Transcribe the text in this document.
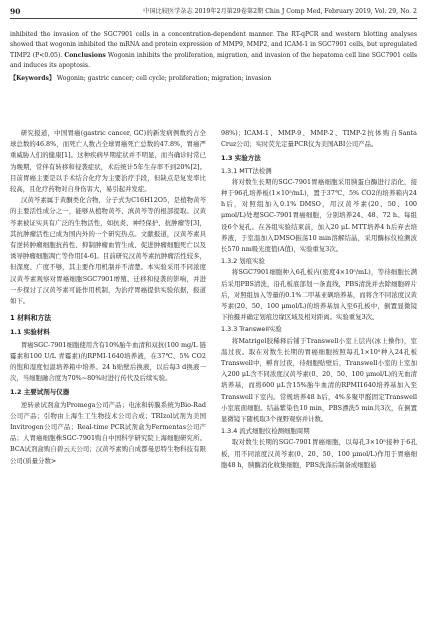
90	中国比较医学杂志 2019年2月第29卷第2期 Chin J Comp Med, February 2019, Vol. 29, No. 2
inhibited the invasion of the SGC7901 cells in a concentration-dependent manner. The RT-qPCR and western blotting analyses showed that wogonin inhibited the mRNA and protein expression of MMP9, MMP2, and ICAM-1 in SGC7901 cells, but upregulated TIMP2 (P<0.05). Conclusions Wogonin inhibits the proliferation, migration, and invasion of the hepatoma cell line SGC7901 cells and induces its apoptosis.
【Keywords】 Wogonin; gastric cancer; cell cycle; proliferation; migration; invasion

研究报道，中国胃癌(gastric cancer, GC)的新发病例数约占全球总数的46.8%，而死亡人数占全球胃癌死亡总数的47.8%，胃癌严重威胁人们的健康[1]。这种疾病早期症状并不明显，而当确诊时常已为晚期，常伴有转移和侵袭症状，术后统计5年生存率不到20%[2]。目前胃癌主要是以手术结合化疗为主要治疗手段，但缺点是复发率比较高，且化疗药物对自身伤害大，易引起并发症。

汉黄芩素属于黄酮类化合物，分子式为C16H12O5，是植物黄芩的主要活性成分之一，能够从植物黄芩、滇黄芩等的根部提取。汉黄芩素被证实具有广泛的生物活性，如抗炎、神经保护、抗肿瘤等[3]，其抗肿瘤活性已成为国内外的一个研究热点。文献报道，汉黄芩素具有逆转肿瘤细胞抗药性、抑制肿瘤血管生成、促进肿瘤细胞死亡以及诱导肿瘤细胞凋亡等作用[4-6]。目前研究汉黄芩素抗肿瘤活性较多，但深度、广度不够，其主要作用机制并不清楚。本实验采用不同浓度汉黄芩素观察对胃癌细胞SGC7901增殖、迁移和侵袭的影响，并进一步探讨了汉黄芩素可能作用机制，为治疗胃癌提供实验依据，报道如下。

1 材料和方法
1.1 实验材料

胃癌SGC-7901细胞使用含有10%胎牛血清和双抗(100 mg/L 链霉素和100 U/L 青霉素)的RPMI-1640培养液，在37℃、5% CO2的饱和湿度恒温培养箱中培养。24 h贴壁后换液，以后每3 d换液一次，当细胞融合度为70%~80%时进行传代及后续实验。

1.2 主要试剂与仪器

逆转录试剂盒为Promega公司产品；电泳和转膜系统为Bio-Rad公司产品；引物由上海生工生物技术公司合成；TRIzol试剂为美国Invitrogen公司产品；Real-time PCR试剂盒为Fermentas公司产品；人胃癌细胞株SGC-7901购自中国科学研究院上海细胞研究所。BCA试剂盒购自碧云天公司；汉黄芩素购自成都曼思特生物科技有限公司(质量分数>

98%)；ICAM-1、MMP-9、MMP-2、TIMP-2抗体购自Santa Cruz公司；实时荧光定量PCR仪为美国ABI公司产品。

1.3 实验方法
1.3.1 MTT法检测

将对数生长期的SGC-7901胃癌细胞采用胰蛋白酶进行消化，接种于96孔培养板(1×10⁵/mL)，置于37℃、5% CO2的培养箱内24 h后，对照组加入0.1% DMSO，用汉黄芩素(20、50、100 μmol/L)处理SGC-7901胃癌细胞，分别培养24、48、72 h。每组设6个复孔。在各组实验结束前，加入20 μL MTT培养4 h后弃去培养液，于室温加入DMSO振荡10 min溶解结晶，采用酶标仪检测波长570 nm吸光度值(A值)，实验重复3次。

1.3.2 划痕实验

将SGC7901细胞种入6孔板内(密度4×10⁵/mL)，等待细胞长满后采用PBS清洗，沿孔板底部划一条直线，PBS清洗并去除细胞碎片后，对照组加入等量的0.1%二甲基亚砜培养基，而将含不同浓度汉黄芩素(20、50、100 μmol/L)的培养基加入至6孔板中，倒置显微镜下拍摄并确定划痕边缘区域及相对距离。实验重复3次。

1.3.3 Transwell实验

将Matrigel胶稀释后铺于Transwell小室上层内(冰上操作)，室温过夜。取在对数生长期的胃癌细胞按照每孔1×10⁵种入24孔板Transwell中，孵育过夜，待细胞贴壁后，Transwell小室的上室加入200 μL含不同浓度汉黄芩素(0、20、50、100 μmol/L)的无血清培养基，而将600 μL含15%胎牛血清的RPMI1640培养基加入至Transwell下室内。常规培养48 h后，4%多聚甲醛固定Transwell小室底面细胞。结晶紫染色10 min，PBS漂洗5 min共3次，在倒置显微镜下随机取3个视野观察并计数。

1.3.4 流式细胞仪检测细胞周期

取对数生长期的SGC-7901胃癌细胞，以每孔3×10⁵接种于6孔板，用不同浓度汉黄芩素(0、20、50、100 μmol/L)作用于胃癌细胞48 h，胰酶消化收集细胞，PBS洗涤后制备成细胞悬
